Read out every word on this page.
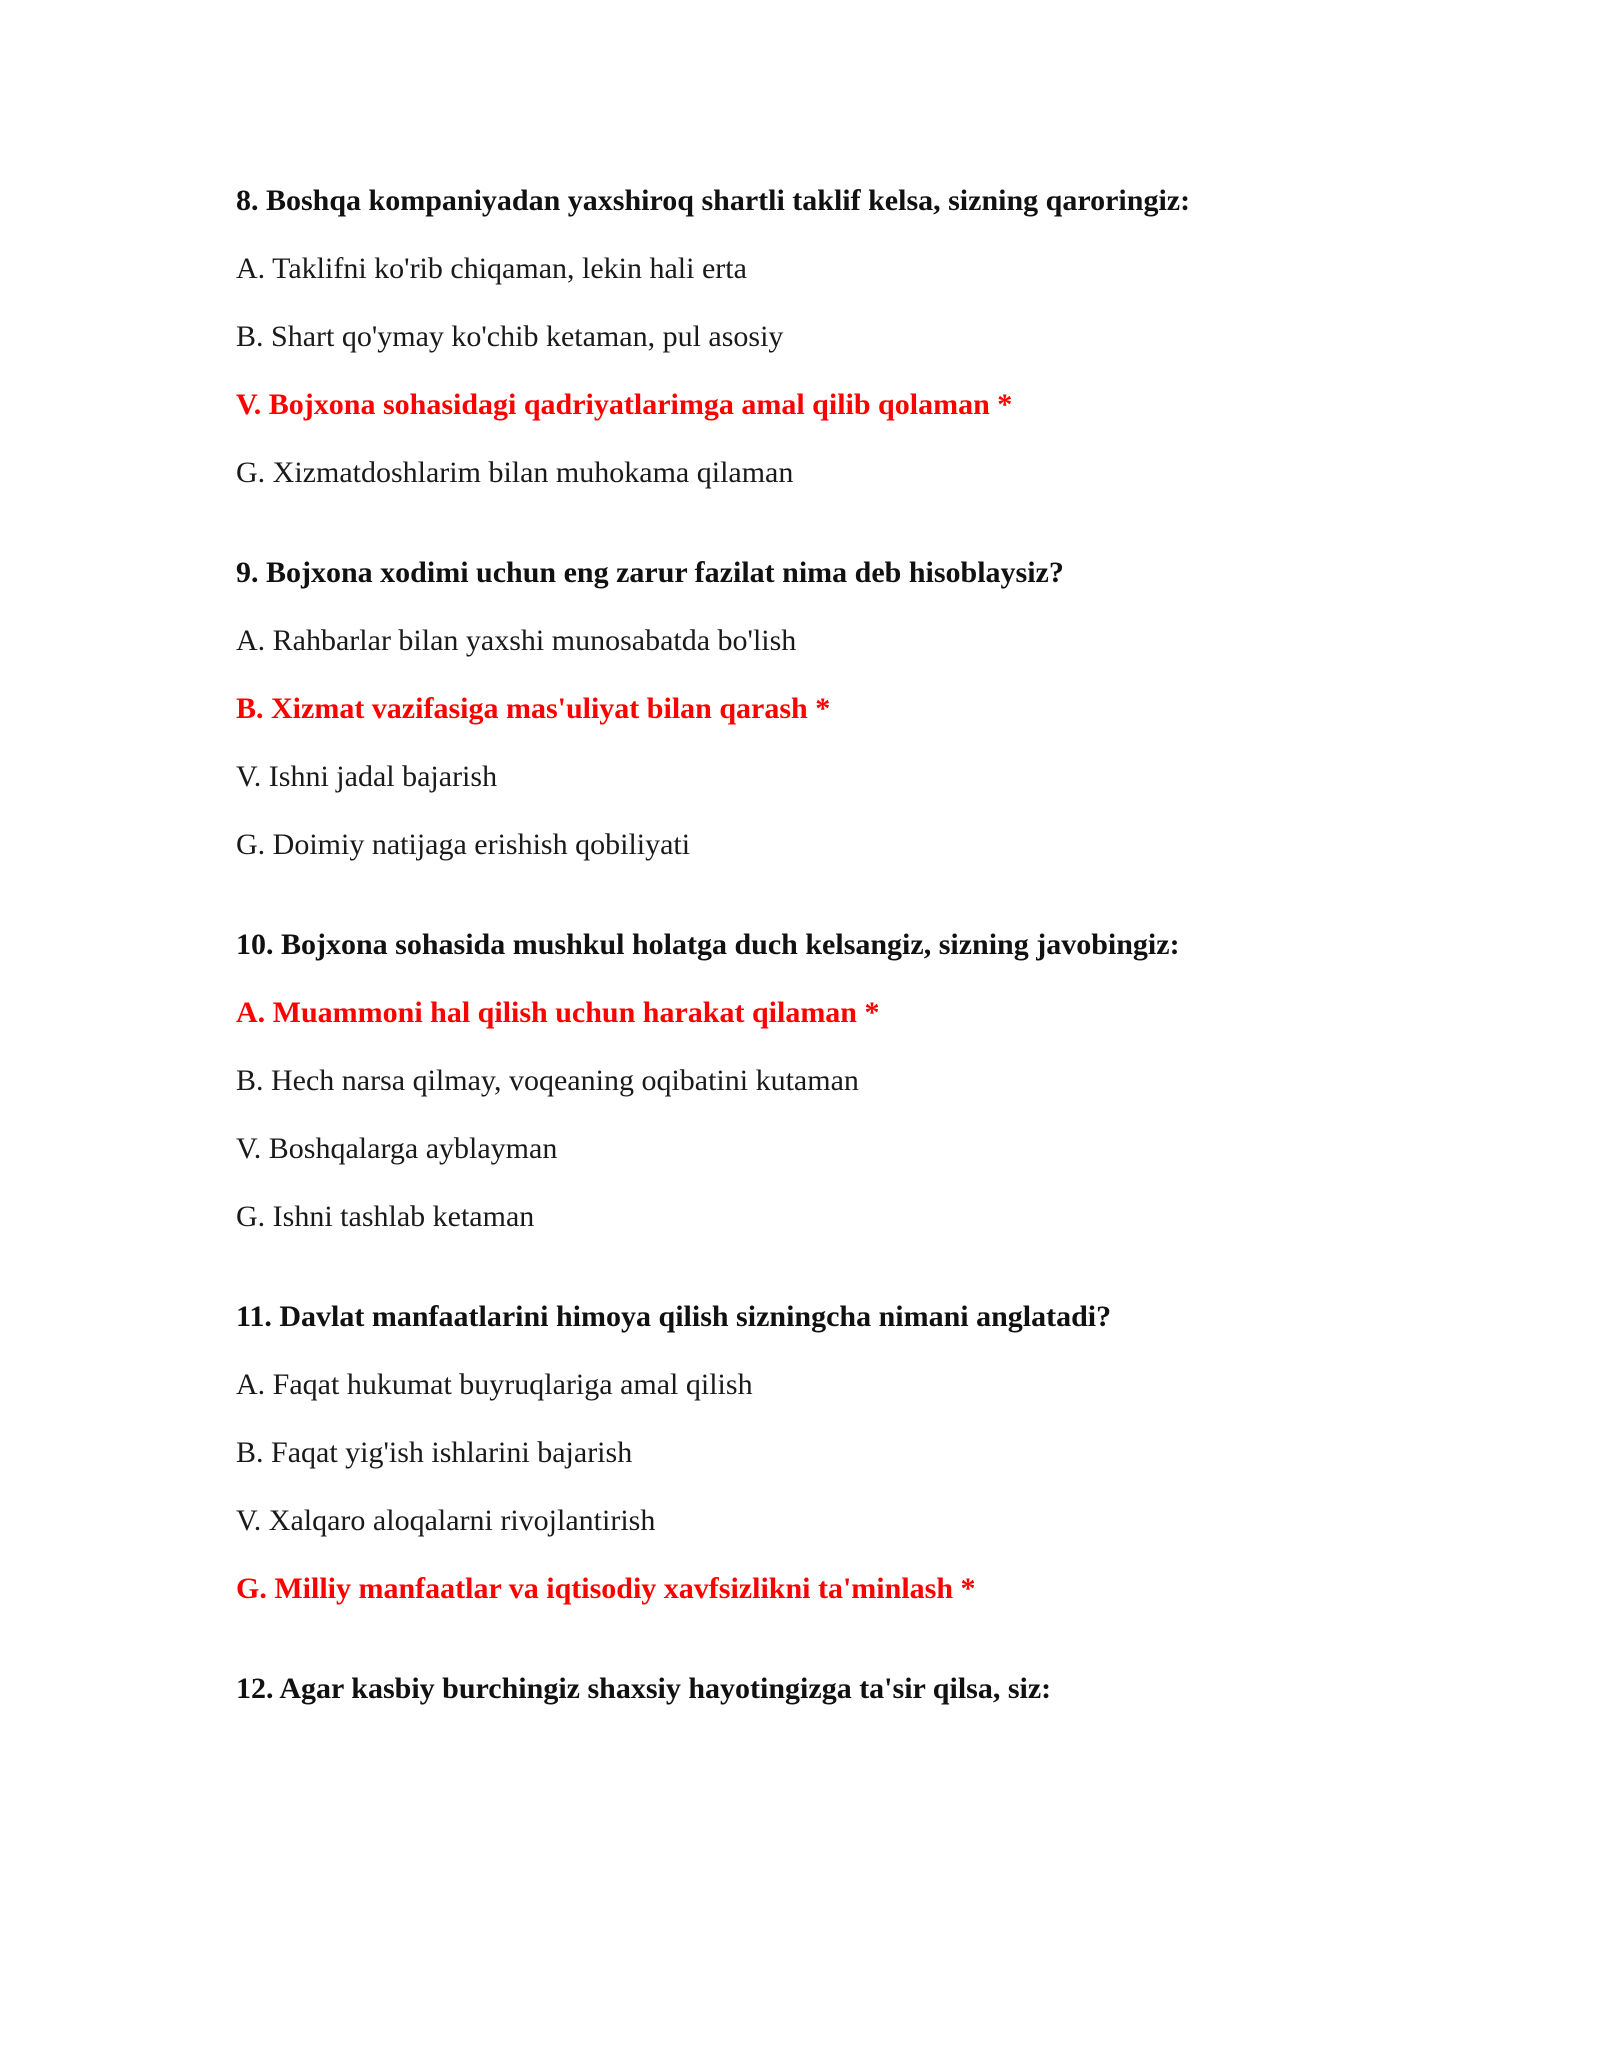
8. Boshqa kompaniyadan yaxshiroq shartli taklif kelsa, sizning qaroringiz:
A. Taklifni ko'rib chiqaman, lekin hali erta
B. Shart qo'ymay ko'chib ketaman, pul asosiy
V. Bojxona sohasidagi qadriyatlarimga amal qilib qolaman *
G. Xizmatdoshlarim bilan muhokama qilaman
9. Bojxona xodimi uchun eng zarur fazilat nima deb hisoblaysiz?
A. Rahbarlar bilan yaxshi munosabatda bo'lish
B. Xizmat vazifasiga mas'uliyat bilan qarash *
V. Ishni jadal bajarish
G. Doimiy natijaga erishish qobiliyati
10. Bojxona sohasida mushkul holatga duch kelsangiz, sizning javobingiz:
A. Muammoni hal qilish uchun harakat qilaman *
B. Hech narsa qilmay, voqeaning oqibatini kutaman
V. Boshqalarga ayblayman
G. Ishni tashlab ketaman
11. Davlat manfaatlarini himoya qilish sizningcha nimani anglatadi?
A. Faqat hukumat buyruqlariga amal qilish
B. Faqat yig'ish ishlarini bajarish
V. Xalqaro aloqalarni rivojlantirish
G. Milliy manfaatlar va iqtisodiy xavfsizlikni ta'minlash *
12. Agar kasbiy burchingiz shaxsiy hayotingizga ta'sir qilsa, siz:
